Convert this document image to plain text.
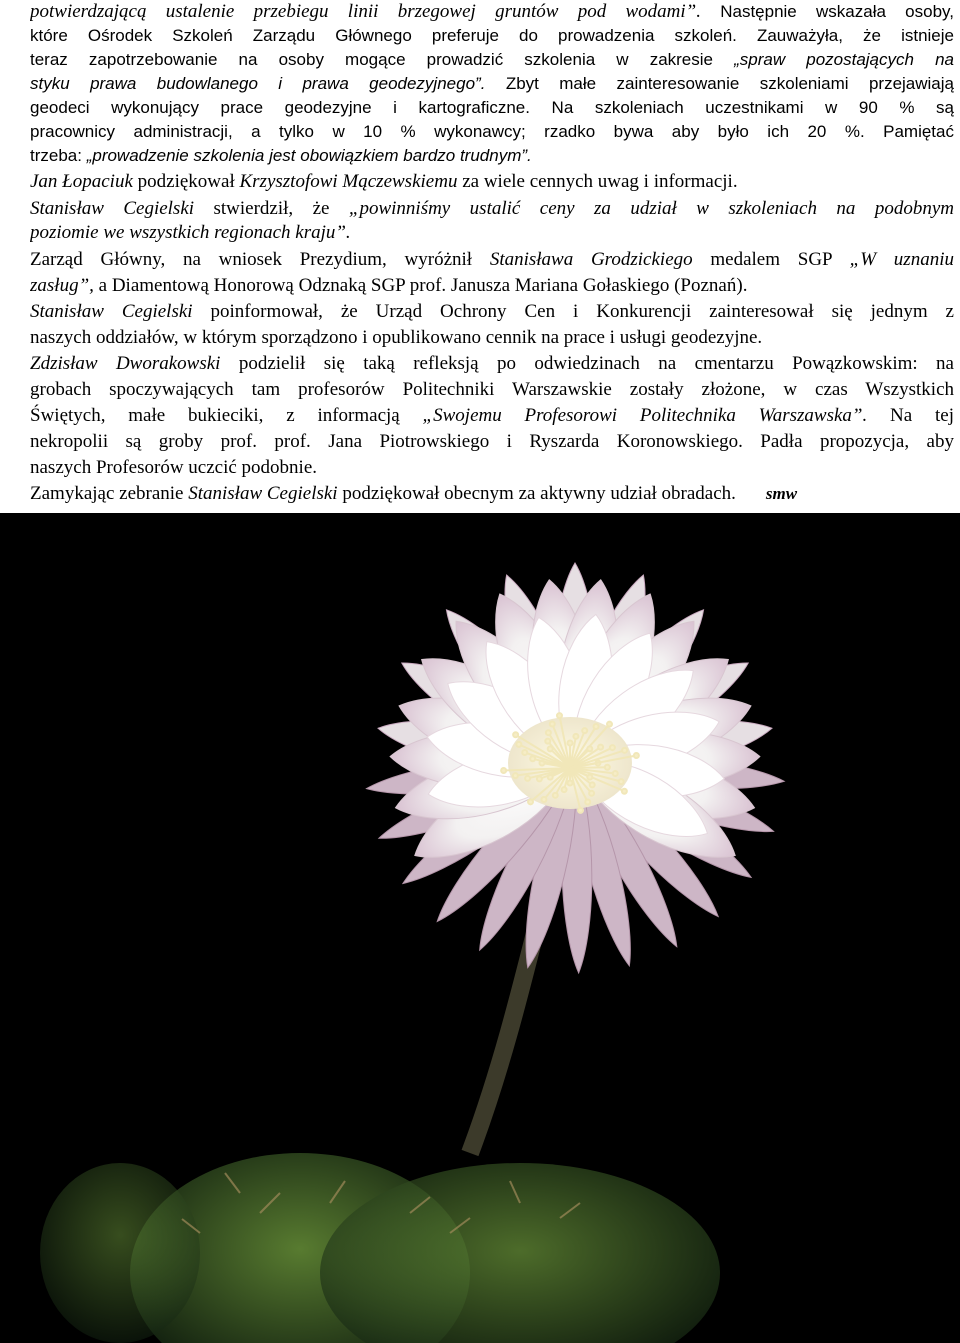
potwierdzającą ustalenie przebiegu linii brzegowej gruntów pod wodami”. Następnie wskazała osoby,
które Ośrodek Szkoleń Zarządu Głównego preferuje do prowadzenia szkoleń. Zauważyła, że istnieje
teraz zapotrzebowanie na osoby mogące prowadzić szkolenia w zakresie „spraw pozostających na
styku prawa budowlanego i prawa geodezyjnego”. Zbyt małe zainteresowanie szkoleniami przejawiają
geodeci wykonujący prace geodezyjne i kartograficzne. Na szkoleniach uczestnikami w 90 % są
pracownicy administracji, a tylko w 10 % wykonawcy; rzadko bywa aby było ich 20 %. Pamiętać
trzeba: „prowadzenie szkolenia jest obowiązkiem bardzo trudnym”.
Jan Łopaciuk podziękował Krzysztofowi Mączewskiemu za wiele cennych uwag i informacji.
Stanisław Cegielski stwierdził, że „powinniśmy ustalić ceny za udział w szkoleniach na podobnym
poziomie we wszystkich regionach kraju”.
Zarząd Główny, na wniosek Prezydium, wyróżnił Stanisława Grodzickiego medalem SGP „W uznaniu
zasług”, a Diamentową Honorową Odznaką SGP prof. Janusza Mariana Gołaskiego (Poznań).
Stanisław Cegielski poinformował, że Urząd Ochrony Cen i Konkurencji zainteresował się jednym z
naszych oddziałów, w którym sporządzono i opublikowano cennik na prace i usługi geodezyjne.
Zdzisław Dworakowski podzielił się taką refleksją po odwiedzinach na cmentarzu Powązkowskim: na
grobach spoczywających tam profesorów Politechniki Warszawskie zostały złożone, w czas Wszystkich
Świętych, małe bukieciki, z informacją „Swojemu Profesorowi Politechnika Warszawska”. Na tej
nekropolii są groby prof. prof. Jana Piotrowskiego i Ryszarda Koronowskiego. Padła propozycja, aby
naszych Profesorów uczcić podobnie.
Zamykając zebranie Stanisław Cegielski podziękował obecnym za aktywny udział obradach. smw
